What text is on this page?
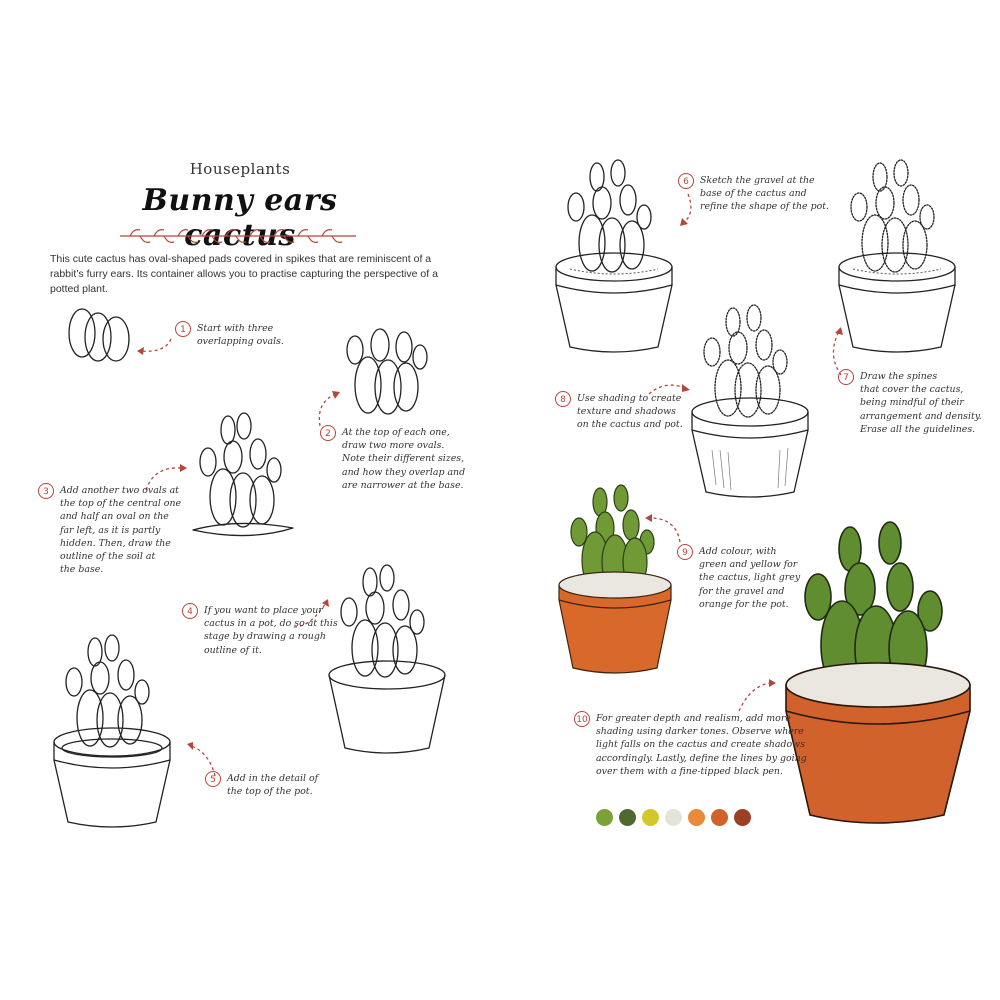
Houseplants
Bunny ears cactus
This cute cactus has oval-shaped pads covered in spikes that are reminiscent of a rabbit’s furry ears. Its container allows you to practise capturing the perspective of a potted plant.
1	Start with three
overlapping ovals.
2	At the top of each one,
draw two more ovals.
Note their different sizes,
and how they overlap and
are narrower at the base.
3	Add another two ovals at
the top of the central one
and half an oval on the
far left, as it is partly
hidden. Then, draw the
outline of the soil at
the base.
4	If you want to place your
cactus in a pot, do so at this
stage by drawing a rough
outline of it.
5	Add in the detail of
the top of the pot.
6	Sketch the gravel at the
base of the cactus and
refine the shape of the pot.
7	Draw the spines
that cover the cactus,
being mindful of their
arrangement and density.
Erase all the guidelines.
8	Use shading to create
texture and shadows
on the cactus and pot.
9	Add colour, with
green and yellow for
the cactus, light grey
for the gravel and
orange for the pot.
10 For greater depth and realism, add more
shading using darker tones. Observe where
light falls on the cactus and create shadows
accordingly. Lastly, define the lines by going
over them with a fine-tipped black pen.
